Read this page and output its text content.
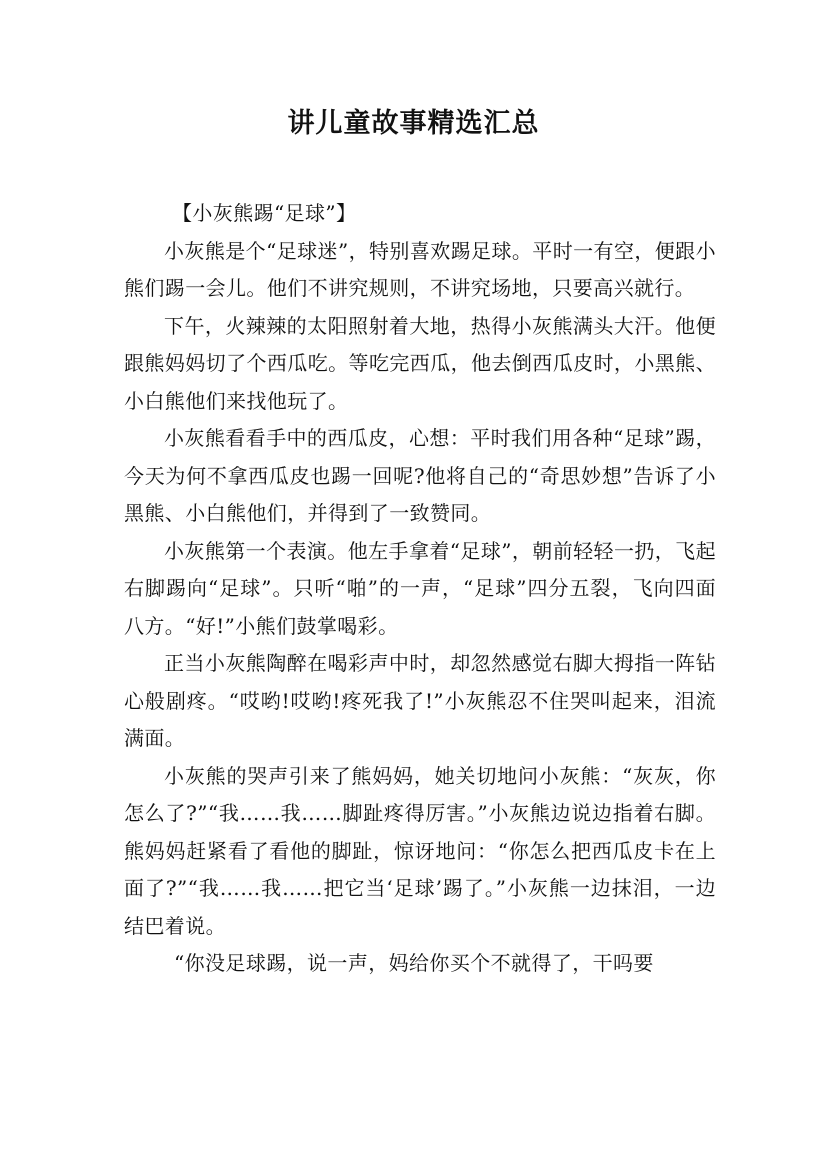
讲儿童故事精选汇总

【小灰熊踢“足球”】

小灰熊是个“足球迷”，特别喜欢踢足球。平时一有空，便跟小熊们踢一会儿。他们不讲究规则，不讲究场地，只要高兴就行。

下午，火辣辣的太阳照射着大地，热得小灰熊满头大汗。他便跟熊妈妈切了个西瓜吃。等吃完西瓜，他去倒西瓜皮时，小黑熊、小白熊他们来找他玩了。

小灰熊看看手中的西瓜皮，心想：平时我们用各种“足球”踢，今天为何不拿西瓜皮也踢一回呢?他将自己的“奇思妙想”告诉了小黑熊、小白熊他们，并得到了一致赞同。

小灰熊第一个表演。他左手拿着“足球”，朝前轻轻一扔，飞起右脚踢向“足球”。只听“啪”的一声，“足球”四分五裂，飞向四面八方。“好!”小熊们鼓掌喝彩。

正当小灰熊陶醉在喝彩声中时，却忽然感觉右脚大拇指一阵钻心般剧疼。“哎哟!哎哟!疼死我了!”小灰熊忍不住哭叫起来，泪流满面。

小灰熊的哭声引来了熊妈妈，她关切地问小灰熊：“灰灰，你怎么了?”“我……我……脚趾疼得厉害。”小灰熊边说边指着右脚。熊妈妈赶紧看了看他的脚趾，惊讶地问：“你怎么把西瓜皮卡在上面了?”“我……我……把它当‘足球’踢了。”小灰熊一边抹泪，一边结巴着说。

“你没足球踢，说一声，妈给你买个不就得了，干吗要
